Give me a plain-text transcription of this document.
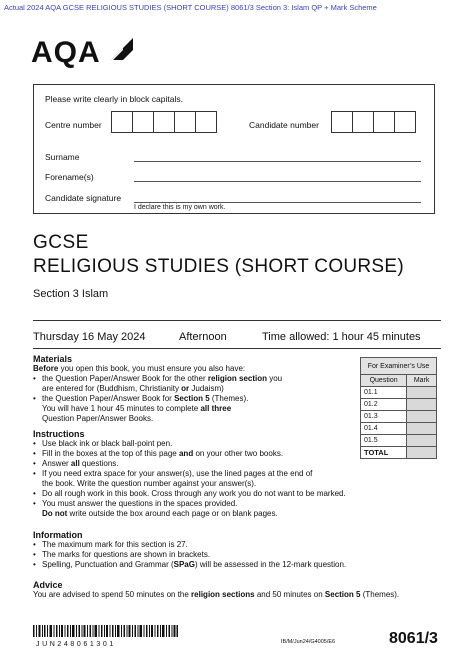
Actual 2024 AQA GCSE RELIGIOUS STUDIES (SHORT COURSE) 8061/3 Section 3: Islam QP + Mark Scheme
AQA
Please write clearly in block capitals.
Centre number	Candidate number
Surname
Forename(s)
Candidate signature
I declare this is my own work.
GCSE
RELIGIOUS STUDIES (SHORT COURSE)
Section 3 Islam
Thursday 16 May 2024	Afternoon	Time allowed: 1 hour 45 minutes
Materials
Before you open this book, you must ensure you also have:
• the Question Paper/Answer Book for the other religion section you
are entered for (Buddhism, Christianity or Judaism)
• the Question Paper/Answer Book for Section 5 (Themes).
You will have 1 hour 45 minutes to complete all three
Question Paper/Answer Books.
Instructions
• Use black ink or black ball-point pen.
• Fill in the boxes at the top of this page and on your other two books.
• Answer all questions.
• If you need extra space for your answer(s), use the lined pages at the end of
the book. Write the question number against your answer(s).
• Do all rough work in this book. Cross through any work you do not want to be marked.
• You must answer the questions in the spaces provided.
Do not write outside the box around each page or on blank pages.
Information
• The maximum mark for this section is 27.
• The marks for questions are shown in brackets.
• Spelling, Punctuation and Grammar (SPaG) will be assessed in the 12-mark question.
Advice
You are advised to spend 50 minutes on the religion sections and 50 minutes on Section 5 (Themes).
For Examiner’s Use	
Question	Mark
01.1	
01.2	
01.3	
01.4	
01.5	
TOTAL	
JUN248061301	IB/M/Jun24/G4005/E6	8061/3
